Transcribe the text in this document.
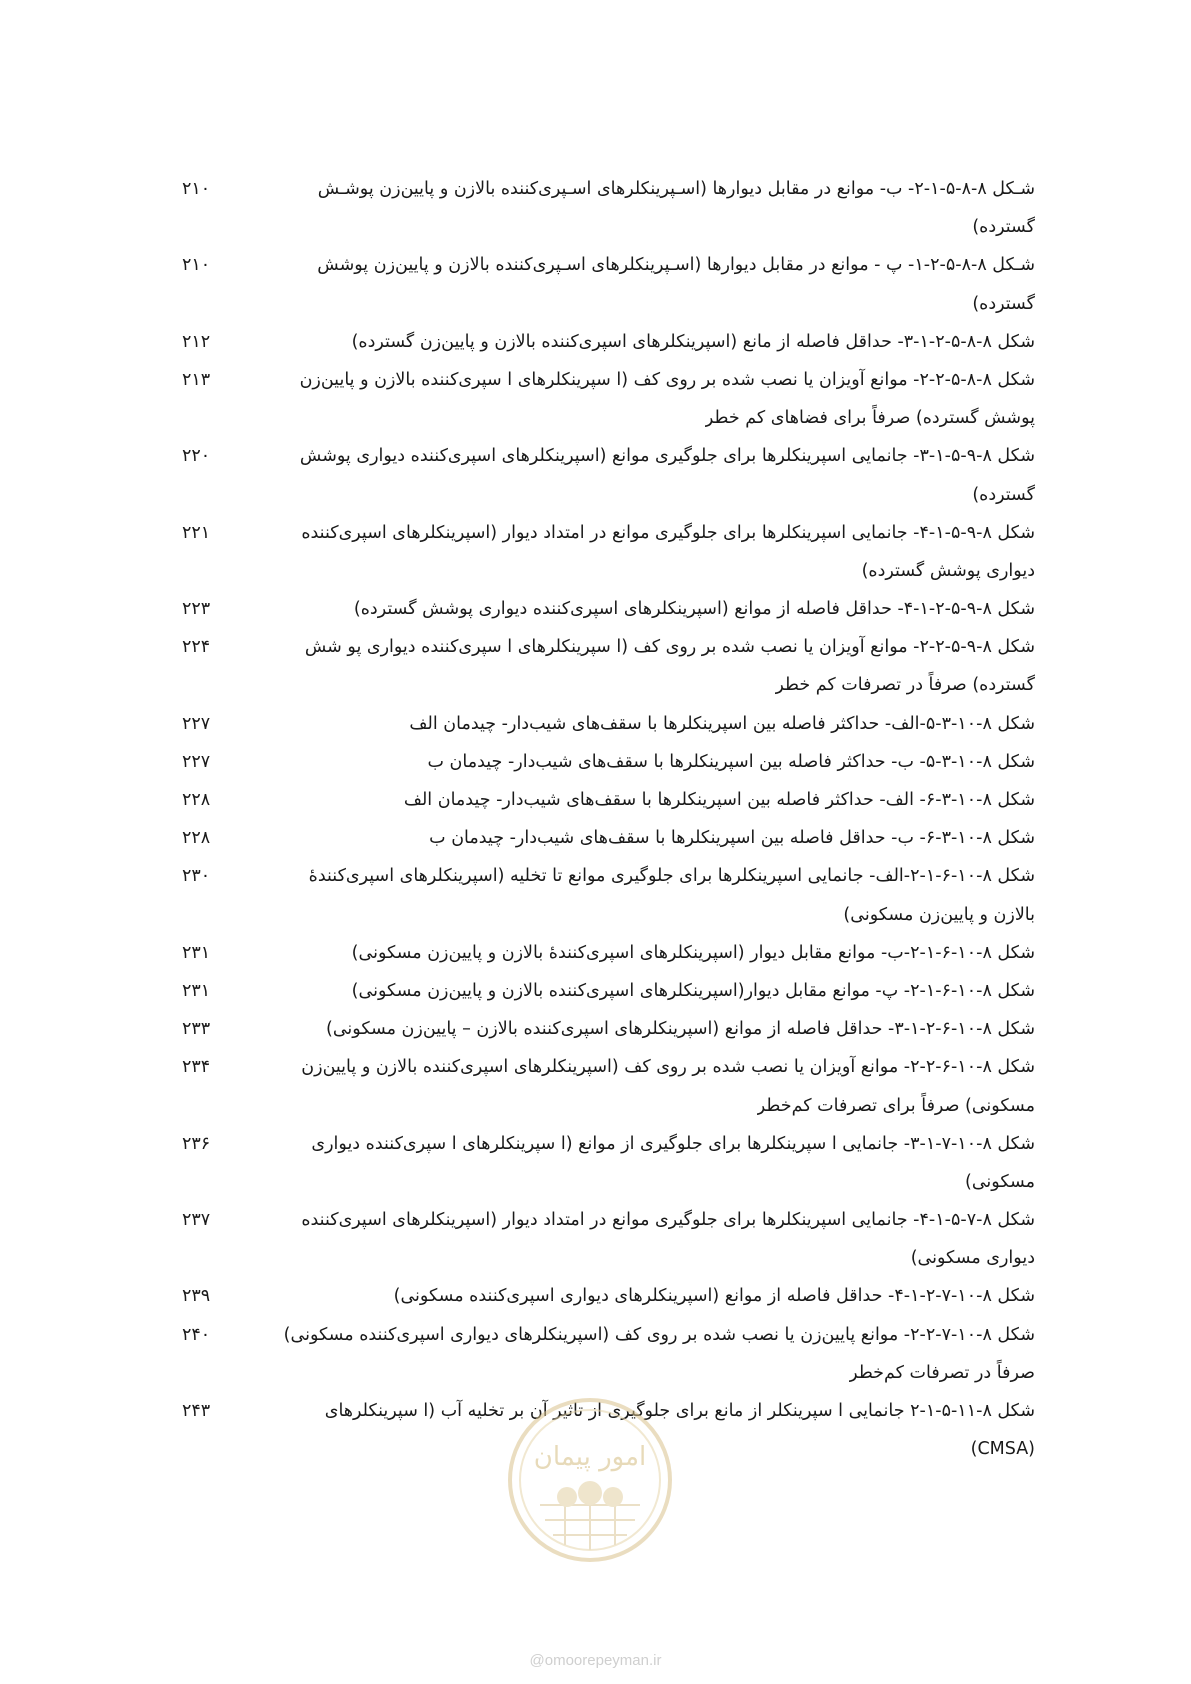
شـکل ۸-۸-۵-۱-۲- ب- موانع در مقابل دیوارها (اسـپرینکلرهای اسـپری‌کننده بالازن و پایین‌زن پوشـش
۲۱۰
گسترده)
شـکل ۸-۸-۵-۲-۱- پ - موانع در مقابل دیوارها (اسـپرینکلرهای اسـپری‌کننده بالازن و پایین‌زن پوشش
۲۱۰
گسترده)
شکل ۸-۸-۵-۲-۱-۳- حداقل فاصله از مانع (اسپرینکلرهای اسپری‌کننده بالازن و پایین‌زن گسترده)
۲۱۲
شکل ۸-۸-۵-۲-۲- موانع آویزان یا نصب شده بر روی کف (ا سپرینکلرهای ا سپری‌کننده بالازن و پایین‌زن
۲۱۳
پوشش گسترده) صرفاً برای فضاهای کم خطر
شکل ۸-۹-۵-۱-۳- جانمایی اسپرینکلرها برای جلوگیری موانع (اسپرینکلرهای اسپری‌کننده دیواری پوشش
۲۲۰
گسترده)
شکل ۸-۹-۵-۱-۴- جانمایی اسپرینکلرها برای جلوگیری موانع در امتداد دیوار (اسپرینکلرهای اسپری‌کننده
۲۲۱
دیواری پوشش گسترده)
شکل ۸-۹-۵-۲-۱-۴- حداقل فاصله از موانع (اسپرینکلرهای اسپری‌کننده دیواری پوشش گسترده)
۲۲۳
شکل ۸-۹-۵-۲-۲- موانع آویزان یا نصب شده بر روی کف (ا سپرینکلرهای ا سپری‌کننده دیواری پو شش
۲۲۴
گسترده) صرفاً در تصرفات کم خطر
شکل ۸-۱۰-۳-۵-الف- حداکثر فاصله بین اسپرینکلرها با سقف‌های شیب‌دار- چیدمان الف
۲۲۷
شکل ۸-۱۰-۳-۵- ب- حداکثر فاصله بین اسپرینکلرها با سقف‌های شیب‌دار- چیدمان ب
۲۲۷
شکل ۸-۱۰-۳-۶- الف- حداکثر فاصله بین اسپرینکلرها با سقف‌های شیب‌دار- چیدمان الف
۲۲۸
شکل ۸-۱۰-۳-۶- ب- حداقل فاصله بین اسپرینکلرها با سقف‌های شیب‌دار- چیدمان ب
۲۲۸
شکل ۸-۱۰-۶-۱-۲-الف- جانمایی اسپرینکلرها برای جلوگیری موانع تا تخلیه (اسپرینکلرهای اسپری‌کنندۀ
۲۳۰
بالازن و پایین‌زن مسکونی)
شکل ۸-۱۰-۶-۱-۲-ب- موانع مقابل دیوار (اسپرینکلرهای اسپری‌کنندۀ بالازن و پایین‌زن مسکونی)
۲۳۱
شکل ۸-۱۰-۶-۱-۲- پ- موانع مقابل دیوار(اسپرینکلرهای اسپری‌کننده بالازن و پایین‌زن مسکونی)
۲۳۱
شکل ۸-۱۰-۶-۲-۱-۳- حداقل فاصله از موانع (اسپرینکلرهای اسپری‌کننده بالازن – پایین‌زن مسکونی)
۲۳۳
شکل ۸-۱۰-۶-۲-۲- موانع آویزان یا نصب شده بر روی کف (اسپرینکلرهای اسپری‌کننده بالازن و پایین‌زن
۲۳۴
مسکونی) صرفاً برای تصرفات کم‌خطر
شکل ۸-۱۰-۷-۱-۳- جانمایی ا سپرینکلرها برای جلوگیری از موانع (ا سپرینکلرهای ا سپری‌کننده دیواری
۲۳۶
مسکونی)
شکل ۸-۷-۵-۱-۴- جانمایی اسپرینکلرها برای جلوگیری موانع در امتداد دیوار (اسپرینکلرهای اسپری‌کننده
۲۳۷
دیواری مسکونی)
شکل ۸-۱۰-۷-۲-۱-۴- حداقل فاصله از موانع (اسپرینکلرهای دیواری اسپری‌کننده مسکونی)
۲۳۹
شکل ۸-۱۰-۷-۲-۲- موانع پایین‌زن یا نصب شده بر روی کف (اسپرینکلرهای دیواری اسپری‌کننده مسکونی)
۲۴۰
صرفاً در تصرفات کم‌خطر
شکل ۸-۱۱-۵-۱-۲ جانمایی ا سپرینکلر از مانع برای جلوگیری از تاثیر آن بر تخلیه آب (ا سپرینکلرهای
۲۴۳
(CMSA)
امور پیمان
@omoorepeyman.ir
